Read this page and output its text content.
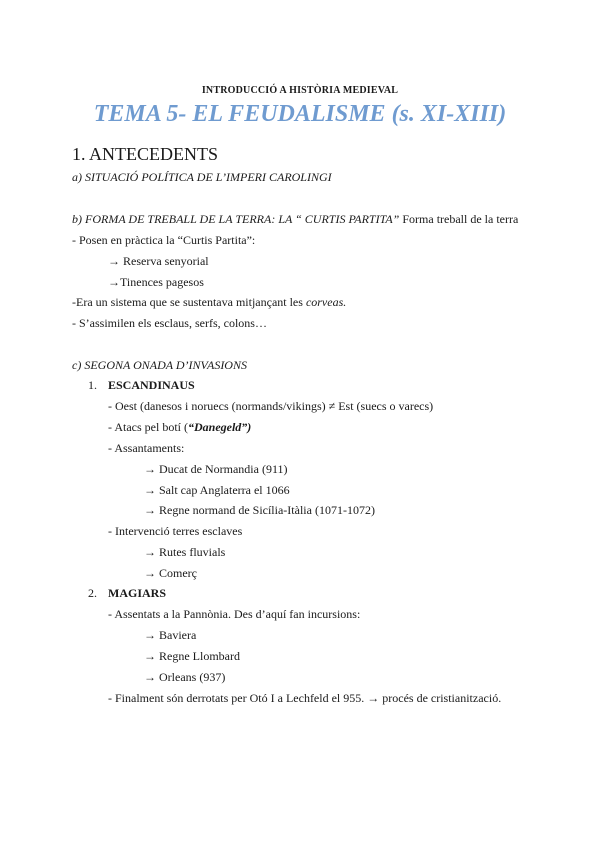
INTRODUCCIÓ A HISTÒRIA MEDIEVAL
TEMA 5- EL FEUDALISME (s. XI-XIII)
1. ANTECEDENTS
a) SITUACIÓ POLÍTICA DE L’IMPERI CAROLINGI
b) FORMA DE TREBALL DE LA TERRA: LA “ CURTIS PARTITA” Forma treball de la terra
- Posen en pràctica la “Curtis Partita”:
→ Reserva senyorial
→Tinences pagesos
-Era un sistema que se sustentava mitjançant les corveas.
- S’assimilen els esclaus, serfs, colons…
c) SEGONA ONADA D’INVASIONS
1. ESCANDINAUS
- Oest (danesos i noruecs (normands/vikings) ≠ Est (suecs o varecs)
- Atacs pel botí (“Danegeld”)
- Assantaments:
→ Ducat de Normandia (911)
→ Salt cap Anglaterra el 1066
→ Regne normand de Sicília-Itàlia (1071-1072)
- Intervenció terres esclaves
→ Rutes fluvials
→ Comerç
2. MAGIARS
- Assentats a la Pannònia. Des d’aquí fan incursions:
→ Baviera
→ Regne Llombard
→ Orleans (937)
- Finalment són derrotats per Otó I a Lechfeld el 955. → procés de cristianització.
